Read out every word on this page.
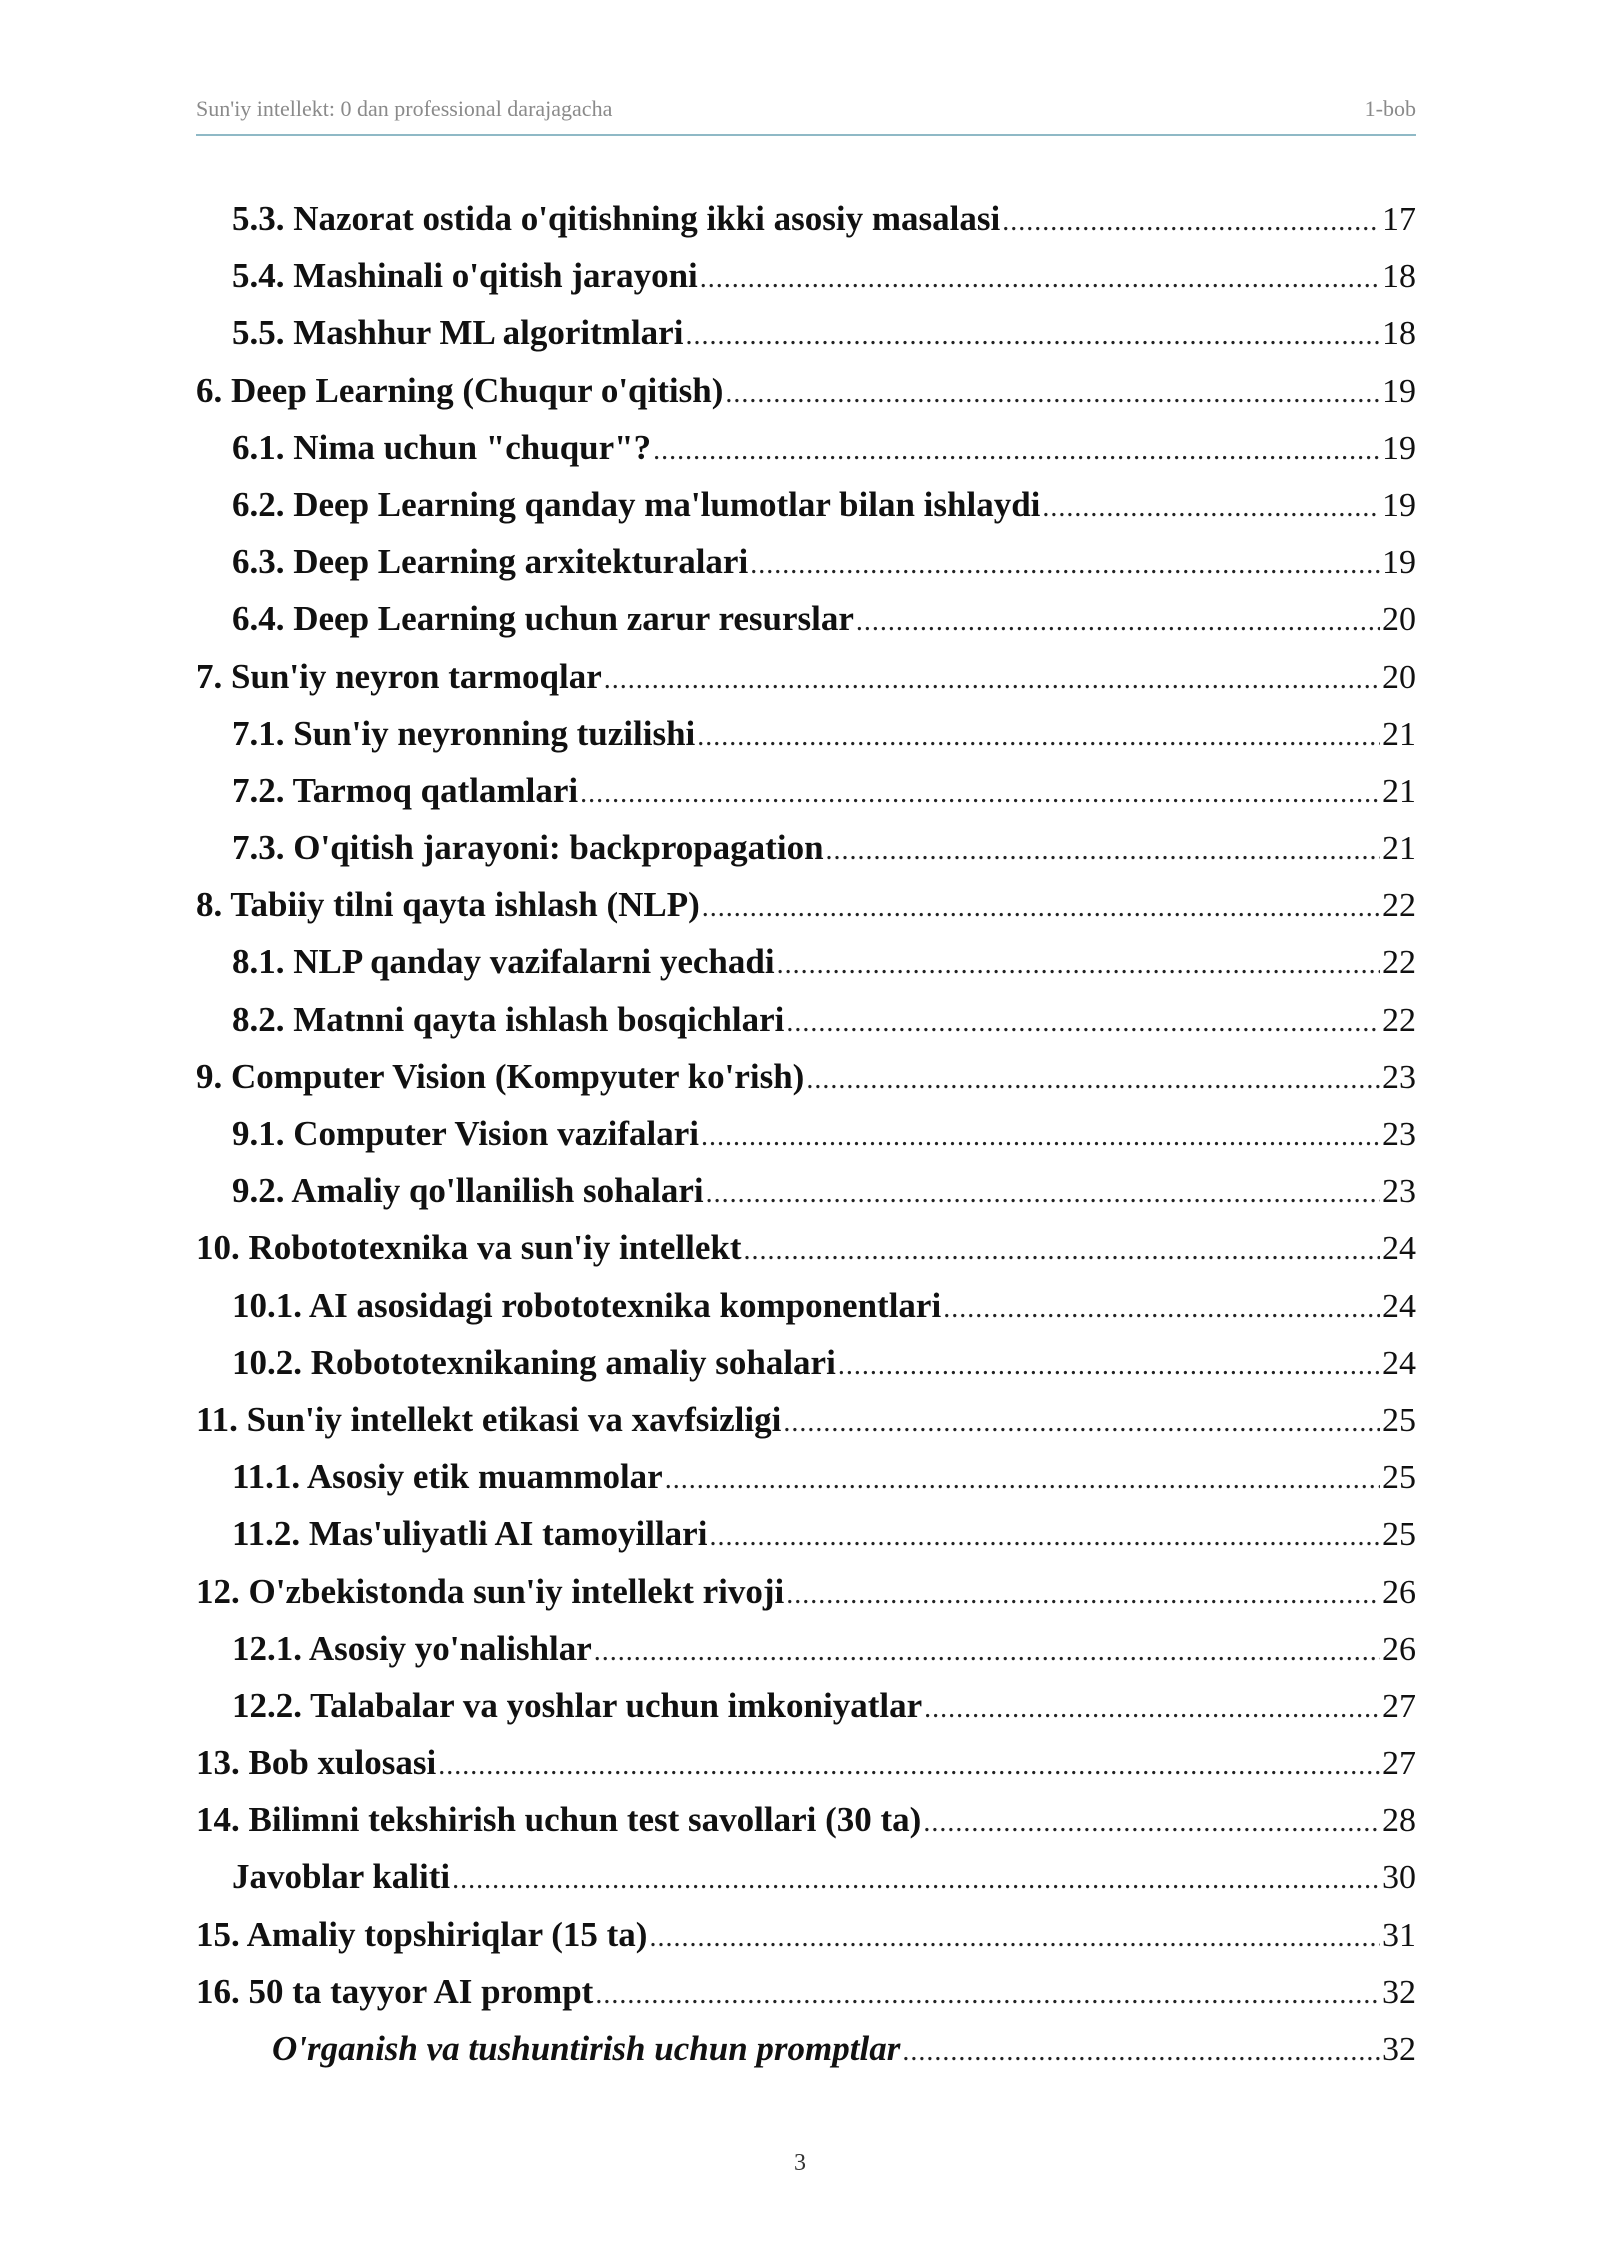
Sun'iy intellekt: 0 dan professional darajagacha	1-bob
5.3. Nazorat ostida o'qitishning ikki asosiy masalasi .....	17
5.4. Mashinali o'qitish jarayoni .....	18
5.5. Mashhur ML algoritmlari .....	18
6. Deep Learning (Chuqur o'qitish) .....	19
6.1. Nima uchun "chuqur"? .....	19
6.2. Deep Learning qanday ma'lumotlar bilan ishlaydi .....	19
6.3. Deep Learning arxitekturalari .....	19
6.4. Deep Learning uchun zarur resurslar .....	20
7. Sun'iy neyron tarmoqlar .....	20
7.1. Sun'iy neyronning tuzilishi .....	21
7.2. Tarmoq qatlamlari .....	21
7.3. O'qitish jarayoni: backpropagation .....	21
8. Tabiiy tilni qayta ishlash (NLP) .....	22
8.1. NLP qanday vazifalarni yechadi .....	22
8.2. Matnni qayta ishlash bosqichlari .....	22
9. Computer Vision (Kompyuter ko'rish) .....	23
9.1. Computer Vision vazifalari .....	23
9.2. Amaliy qo'llanilish sohalari .....	23
10. Robototexnika va sun'iy intellekt .....	24
10.1. AI asosidagi robototexnika komponentlari .....	24
10.2. Robototexnikaning amaliy sohalari .....	24
11. Sun'iy intellekt etikasi va xavfsizligi .....	25
11.1. Asosiy etik muammolar .....	25
11.2. Mas'uliyatli AI tamoyillari .....	25
12. O'zbekistonda sun'iy intellekt rivoji .....	26
12.1. Asosiy yo'nalishlar .....	26
12.2. Talabalar va yoshlar uchun imkoniyatlar .....	27
13. Bob xulosasi .....	27
14. Bilimni tekshirish uchun test savollari (30 ta) .....	28
Javoblar kaliti .....	30
15. Amaliy topshiriqlar (15 ta) .....	31
16. 50 ta tayyor AI prompt .....	32
O'rganish va tushuntirish uchun promptlar .....	32
3
